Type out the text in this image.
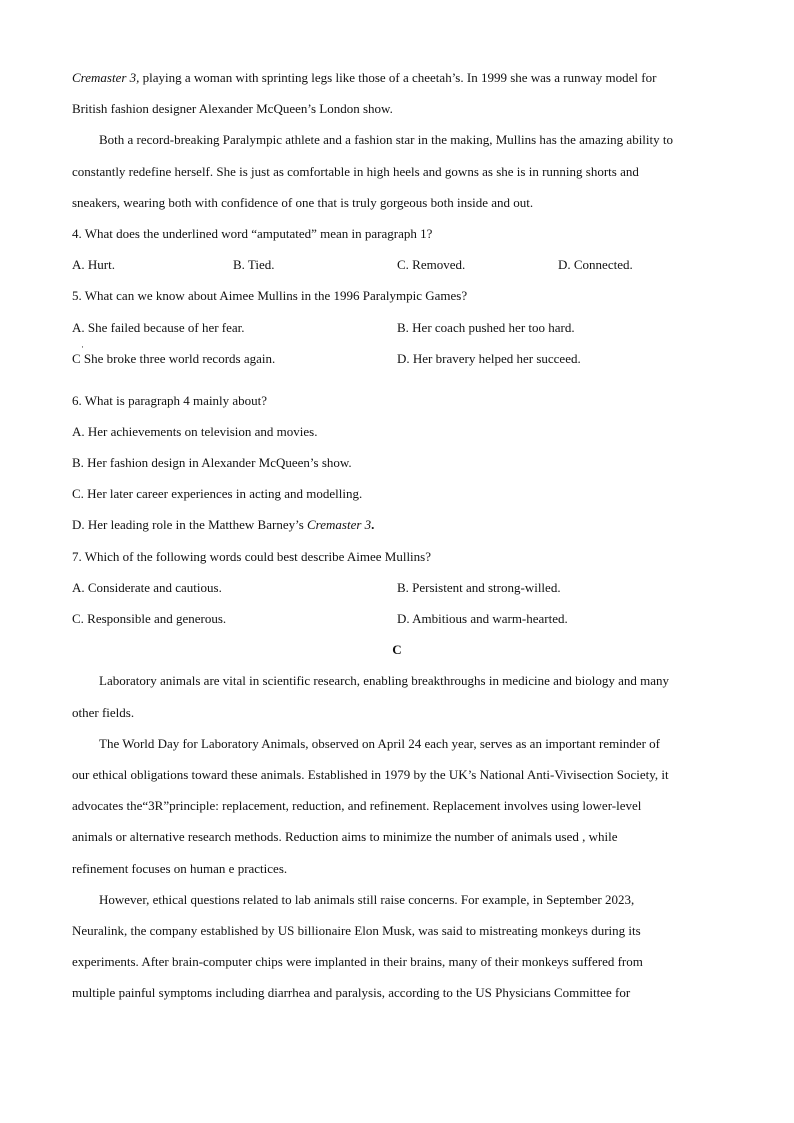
Cremaster 3, playing a woman with sprinting legs like those of a cheetah’s. In 1999 she was a runway model for
British fashion designer Alexander McQueen’s London show.
Both a record-breaking Paralympic athlete and a fashion star in the making, Mullins has the amazing ability to
constantly redefine herself. She is just as comfortable in high heels and gowns as she is in running shorts and
sneakers, wearing both with confidence of one that is truly gorgeous both inside and out.
4. What does the underlined word “amputated” mean in paragraph 1?
A. Hurt.	B. Tied.	C. Removed.	D. Connected.
5. What can we know about Aimee Mullins in the 1996 Paralympic Games?
A. She failed because of her fear.	B. Her coach pushed her too hard.
C She broke three world records again.
·
D. Her bravery helped her succeed.
6. What is paragraph 4 mainly about?
A. Her achievements on television and movies.
B. Her fashion design in Alexander McQueen’s show.
C. Her later career experiences in acting and modelling.
D. Her leading role in the Matthew Barney’s Cremaster 3.
7. Which of the following words could best describe Aimee Mullins?
A. Considerate and cautious.	B. Persistent and strong-willed.
C. Responsible and generous.	D. Ambitious and warm-hearted.
C
Laboratory animals are vital in scientific research, enabling breakthroughs in medicine and biology and many
other fields.
The World Day for Laboratory Animals, observed on April 24 each year, serves as an important reminder of
our ethical obligations toward these animals. Established in 1979 by the UK’s National Anti-Vivisection Society, it
advocates the“3R”principle: replacement, reduction, and refinement. Replacement involves using lower-level
animals or alternative research methods. Reduction aims to minimize the number of animals used , while
refinement focuses on human e practices.
However, ethical questions related to lab animals still raise concerns. For example, in September 2023,
Neuralink, the company established by US billionaire Elon Musk, was said to mistreating monkeys during its
experiments. After brain-computer chips were implanted in their brains, many of their monkeys suffered from
multiple painful symptoms including diarrhea and paralysis, according to the US Physicians Committee for
